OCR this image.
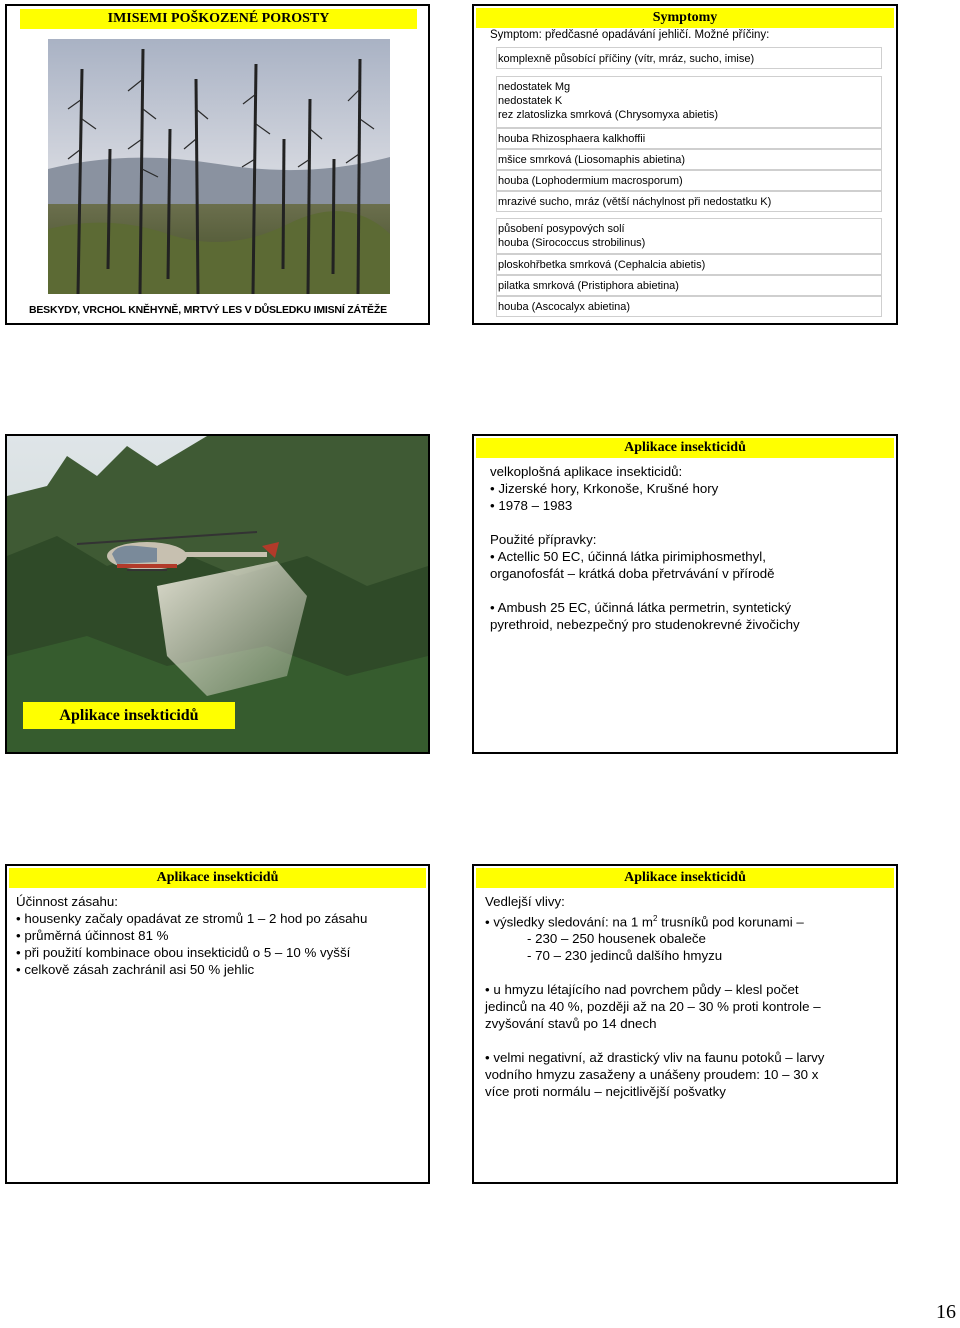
IMISEMI POŠKOZENÉ POROSTY
BESKYDY, VRCHOL KNĚHYNĚ, MRTVÝ LES V DŮSLEDKU IMISNÍ ZÁTĚŽE
Symptomy
Symptom: předčasné opadávání jehličí. Možné příčiny:
komplexně působící příčiny (vítr, mráz, sucho, imise)
nedostatek Mg
nedostatek K
rez zlatoslizka smrková (Chrysomyxa abietis)
houba Rhizosphaera kalkhoffii
mšice smrková (Liosomaphis abietina)
houba (Lophodermium macrosporum)
mrazivé sucho, mráz (větší náchylnost při nedostatku K)
působení posypových solí
houba (Sirococcus strobilinus)
ploskohřbetka smrková (Cephalcia abietis)
pilatka smrková (Pristiphora abietina)
houba (Ascocalyx abietina)
Aplikace insekticidů
Aplikace insekticidů
velkoplošná aplikace insekticidů:
• Jizerské hory, Krkonoše, Krušné hory
• 1978 – 1983
Použité přípravky:
• Actellic 50 EC, účinná látka pirimiphosmethyl,
organofosfát – krátká doba přetrvávání v přírodě
• Ambush 25 EC, účinná látka permetrin, syntetický
pyrethroid, nebezpečný pro studenokrevné živočichy
Aplikace insekticidů
Účinnost zásahu:
• housenky začaly opadávat ze stromů 1 – 2 hod po zásahu
• průměrná účinnost 81 %
• při použití kombinace obou insekticidů o 5 – 10 % vyšší
• celkově zásah zachránil asi 50 % jehlic
Aplikace insekticidů
Vedlejší vlivy:
• výsledky sledování: na 1 $m^2$ trusníků pod korunami –
- 230 – 250 housenek obaleče
- 70 – 230 jedinců dalšího hmyzu
• u hmyzu létajícího nad povrchem půdy – klesl počet
jedinců na 40 %, později až na 20 – 30 % proti kontrole –
zvyšování stavů po 14 dnech
• velmi negativní, až drastický vliv na faunu potoků – larvy
vodního hmyzu zasaženy a unášeny proudem: 10 – 30 x
více proti normálu – nejcitlivější pošvatky
16
